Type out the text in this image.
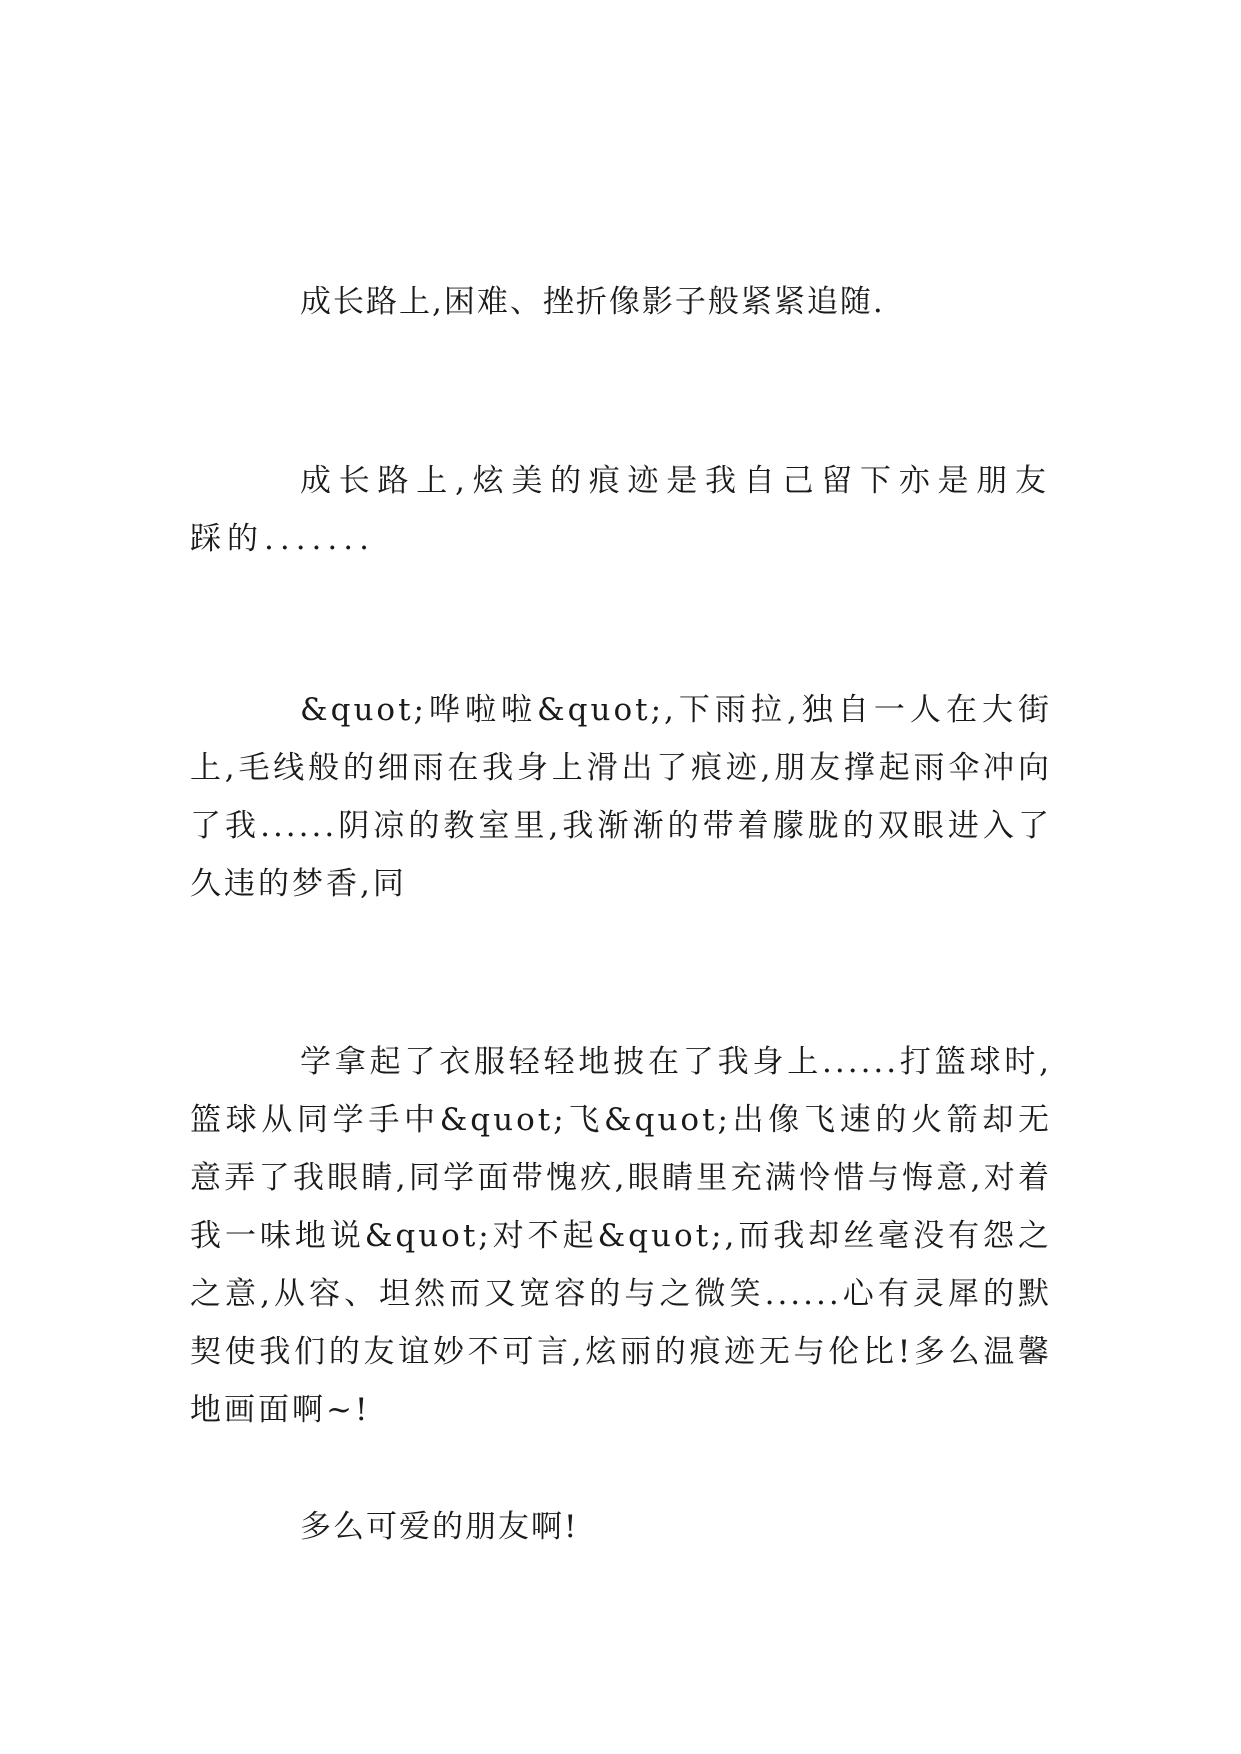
成长路上,困难、挫折像影子般紧紧追随.

成长路上,炫美的痕迹是我自己留下亦是朋友踩的.......

&quot;哗啦啦&quot;,下雨拉,独自一人在大街上,毛线般的细雨在我身上滑出了痕迹,朋友撑起雨伞冲向了我......阴凉的教室里,我渐渐的带着朦胧的双眼进入了久违的梦香,同

学拿起了衣服轻轻地披在了我身上......打篮球时,篮球从同学手中&quot;飞&quot;出像飞速的火箭却无意弄了我眼睛,同学面带愧疚,眼睛里充满怜惜与悔意,对着我一味地说&quot;对不起&quot;,而我却丝毫没有怨之之意,从容、坦然而又宽容的与之微笑......心有灵犀的默契使我们的友谊妙不可言,炫丽的痕迹无与伦比!多么温馨地画面啊~!

多么可爱的朋友啊!
